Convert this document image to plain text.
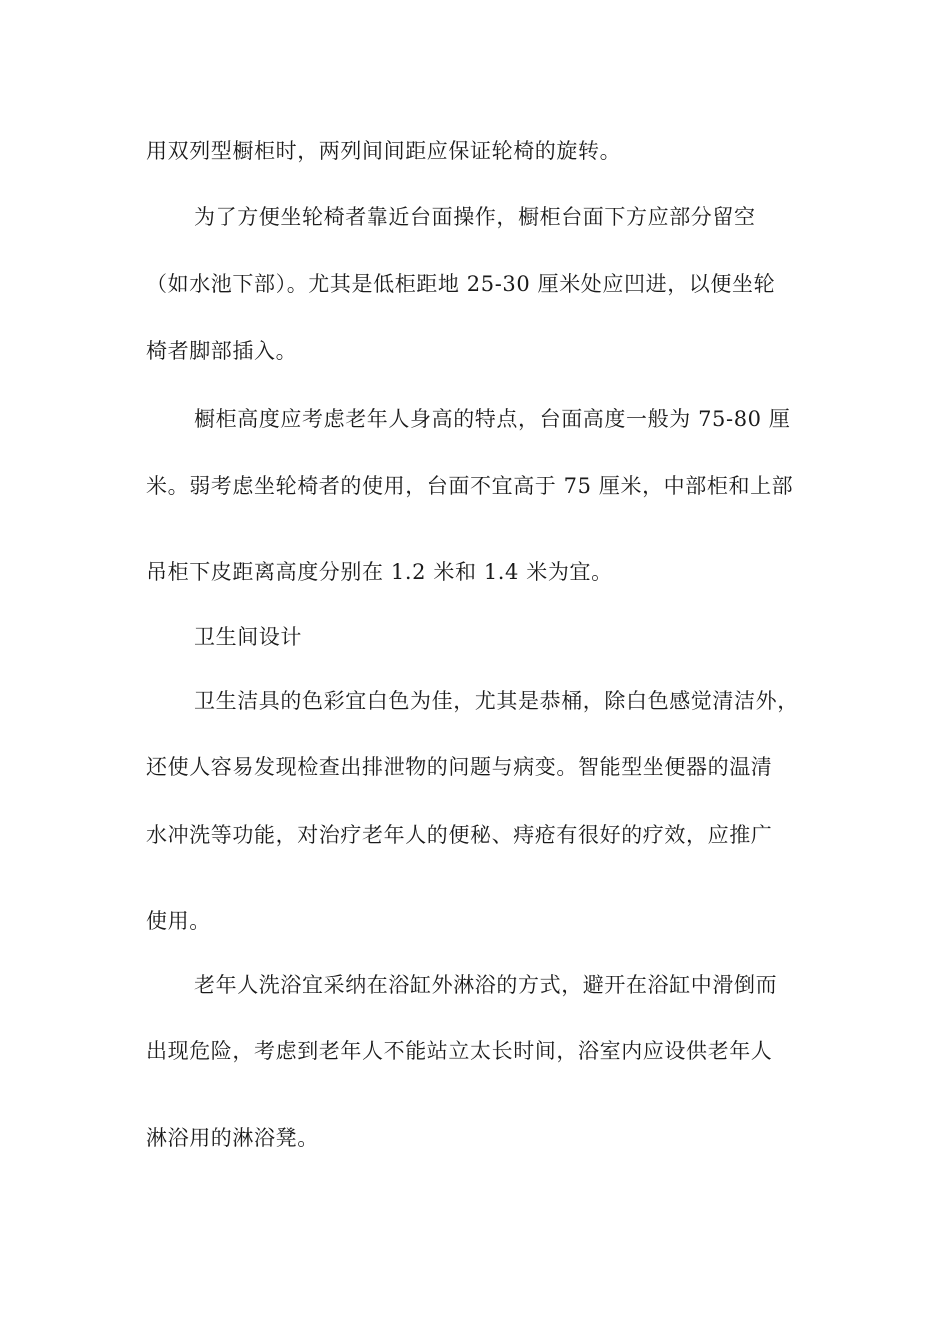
用双列型橱柜时，两列间间距应保证轮椅的旋转。
为了方便坐轮椅者靠近台面操作，橱柜台面下方应部分留空
（如水池下部）。尤其是低柜距地 25-30 厘米处应凹进，以便坐轮
椅者脚部插入。
橱柜高度应考虑老年人身高的特点，台面高度一般为 75-80 厘
米。弱考虑坐轮椅者的使用，台面不宜高于 75 厘米，中部柜和上部
吊柜下皮距离高度分别在 1.2 米和 1.4 米为宜。
卫生间设计
卫生洁具的色彩宜白色为佳，尤其是恭桶，除白色感觉清洁外，
还使人容易发现检查出排泄物的问题与病变。智能型坐便器的温清
水冲洗等功能，对治疗老年人的便秘、痔疮有很好的疗效，应推广
使用。
老年人洗浴宜采纳在浴缸外淋浴的方式，避开在浴缸中滑倒而
出现危险，考虑到老年人不能站立太长时间，浴室内应设供老年人
淋浴用的淋浴凳。
